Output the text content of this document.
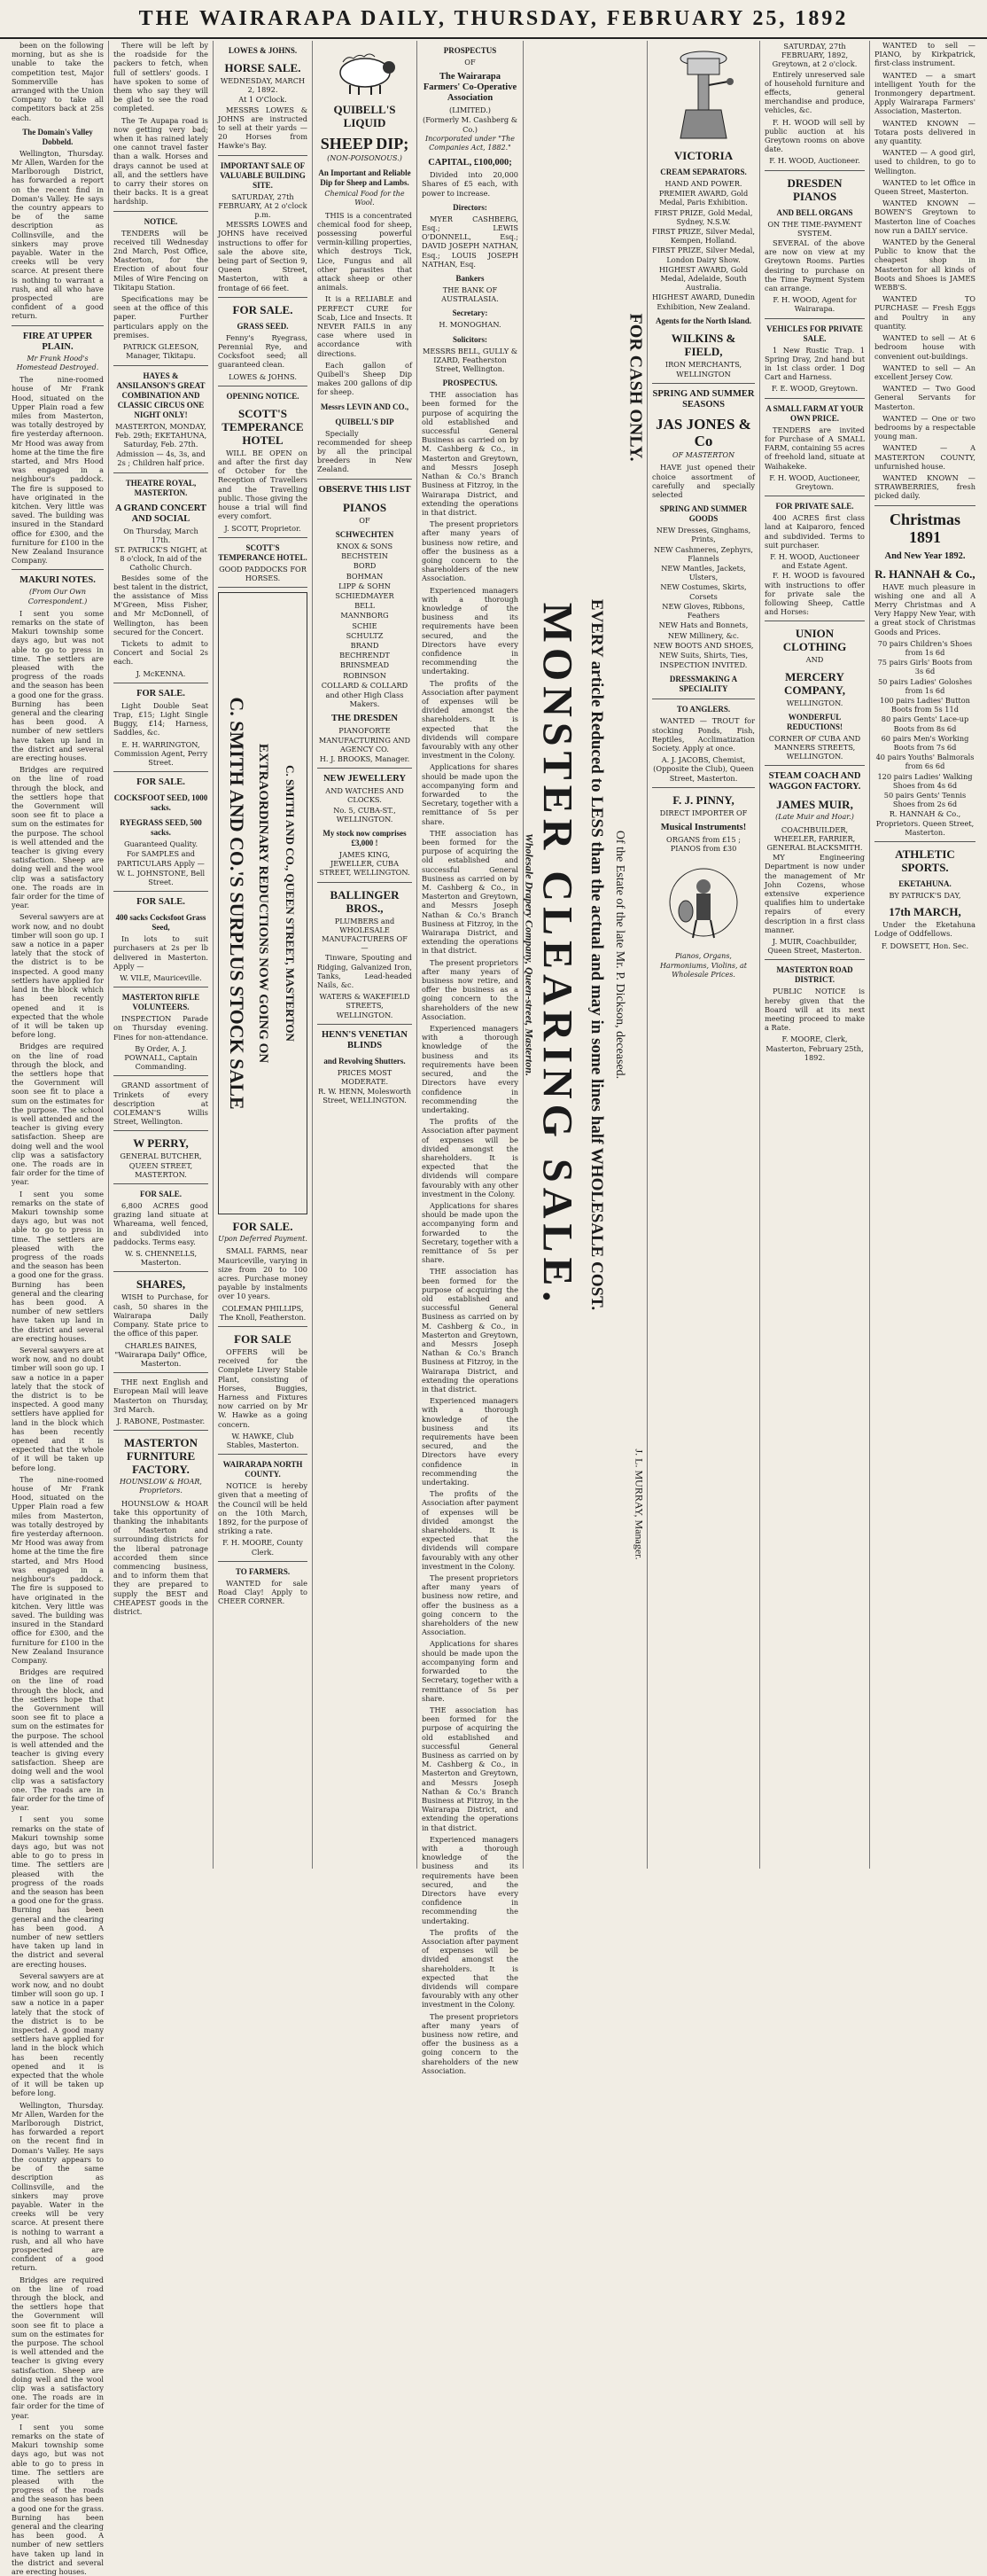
THE WAIRARAPA DAILY, THURSDAY, FEBRUARY 25, 1892

been on the following morning, but as she is unable to take the competition test, Major Sommerville has arranged with the Union Company to take all competitors back at 25s each.

The Domain's Valley Dobbeld.

Wellington, Thursday. Mr Allen, Warden for the Marlborough District, has forwarded a report on the recent find in Doman's Valley. He says the country appears to be of the same description as Collinsville, and the sinkers may prove payable. Water in the creeks will be very scarce. At present there is nothing to warrant a rush, and all who have prospected are confident of a good return.

FIRE AT UPPER PLAIN.
Mr Frank Hood's Homestead Destroyed.

The nine-roomed house of Mr Frank Hood, situated on the Upper Plain road a few miles from Masterton, was totally destroyed by fire yesterday afternoon. Mr Hood was away from home at the time the fire started, and Mrs Hood was engaged in a neighbour's paddock. The fire is supposed to have originated in the kitchen. Very little was saved. The building was insured in the Standard office for £300, and the furniture for £100 in the New Zealand Insurance Company.

MAKURI NOTES.
(From Our Own Correspondent.)

I sent you some remarks on the state of Makuri township some days ago, but was not able to go to press in time. The settlers are pleased with the progress of the roads and the season has been a good one for the grass. Burning has been general and the clearing has been good. A number of new settlers have taken up land in the district and several are erecting houses.

Bridges are required on the line of road through the block, and the settlers hope that the Government will soon see fit to place a sum on the estimates for the purpose. The school is well attended and the teacher is giving every satisfaction. Sheep are doing well and the wool clip was a satisfactory one. The roads are in fair order for the time of year.

Several sawyers are at work now, and no doubt timber will soon go up. I saw a notice in a paper lately that the stock of the district is to be inspected. A good many settlers have applied for land in the block which has been recently opened and it is expected that the whole of it will be taken up before long.

Bridges are required on the line of road through the block, and the settlers hope that the Government will soon see fit to place a sum on the estimates for the purpose. The school is well attended and the teacher is giving every satisfaction. Sheep are doing well and the wool clip was a satisfactory one. The roads are in fair order for the time of year.

I sent you some remarks on the state of Makuri township some days ago, but was not able to go to press in time. The settlers are pleased with the progress of the roads and the season has been a good one for the grass. Burning has been general and the clearing has been good. A number of new settlers have taken up land in the district and several are erecting houses.

Several sawyers are at work now, and no doubt timber will soon go up. I saw a notice in a paper lately that the stock of the district is to be inspected. A good many settlers have applied for land in the block which has been recently opened and it is expected that the whole of it will be taken up before long.

The nine-roomed house of Mr Frank Hood, situated on the Upper Plain road a few miles from Masterton, was totally destroyed by fire yesterday afternoon. Mr Hood was away from home at the time the fire started, and Mrs Hood was engaged in a neighbour's paddock. The fire is supposed to have originated in the kitchen. Very little was saved. The building was insured in the Standard office for £300, and the furniture for £100 in the New Zealand Insurance Company.

Bridges are required on the line of road through the block, and the settlers hope that the Government will soon see fit to place a sum on the estimates for the purpose. The school is well attended and the teacher is giving every satisfaction. Sheep are doing well and the wool clip was a satisfactory one. The roads are in fair order for the time of year.

I sent you some remarks on the state of Makuri township some days ago, but was not able to go to press in time. The settlers are pleased with the progress of the roads and the season has been a good one for the grass. Burning has been general and the clearing has been good. A number of new settlers have taken up land in the district and several are erecting houses.

Several sawyers are at work now, and no doubt timber will soon go up. I saw a notice in a paper lately that the stock of the district is to be inspected. A good many settlers have applied for land in the block which has been recently opened and it is expected that the whole of it will be taken up before long.

Wellington, Thursday. Mr Allen, Warden for the Marlborough District, has forwarded a report on the recent find in Doman's Valley. He says the country appears to be of the same description as Collinsville, and the sinkers may prove payable. Water in the creeks will be very scarce. At present there is nothing to warrant a rush, and all who have prospected are confident of a good return.

Bridges are required on the line of road through the block, and the settlers hope that the Government will soon see fit to place a sum on the estimates for the purpose. The school is well attended and the teacher is giving every satisfaction. Sheep are doing well and the wool clip was a satisfactory one. The roads are in fair order for the time of year.

I sent you some remarks on the state of Makuri township some days ago, but was not able to go to press in time. The settlers are pleased with the progress of the roads and the season has been a good one for the grass. Burning has been general and the clearing has been good. A number of new settlers have taken up land in the district and several are erecting houses.

There will be left by the roadside for the packers to fetch, when full of settlers' goods. I have spoken to some of them who say they will be glad to see the road completed.

The Te Aupapa road is now getting very bad; when it has rained lately one cannot travel faster than a walk. Horses and drays cannot be used at all, and the settlers have to carry their stores on their backs. It is a great hardship.

NOTICE.

TENDERS will be received till Wednesday 2nd March, Post Office, Masterton, for the Erection of about four Miles of Wire Fencing on Tikitapu Station.

Specifications may be seen at the office of this paper. Further particulars apply on the premises.

PATRICK GLEESON, Manager, Tikitapu.
HAYES & ANSILANSON'S GREAT COMBINATION AND CLASSIC CIRCUS ONE NIGHT ONLY!
MASTERTON, MONDAY, Feb. 29th; EKETAHUNA, Saturday, Feb. 27th.
Admission — 4s, 3s, and 2s ; Children half price.
THEATRE ROYAL, MASTERTON.
A GRAND CONCERT AND SOCIAL
On Thursday, March 17th.
ST. PATRICK'S NIGHT, at 8 o'clock, In aid of the Catholic Church.

Besides some of the best talent in the district, the assistance of Miss M'Green, Miss Fisher, and Mr McDonnell, of Wellington, has been secured for the Concert.

Tickets to admit to Concert and Social 2s each.

J. McKENNA.
FOR SALE.

Light Double Seat Trap, £15; Light Single Buggy, £14; Harness, Saddles, &c.

E. H. WARRINGTON, Commission Agent, Perry Street.
FOR SALE.
COCKSFOOT SEED, 1000 sacks.
RYEGRASS SEED, 500 sacks.
Guaranteed Quality.
For SAMPLES and PARTICULARS Apply —
W. L. JOHNSTONE, Bell Street.
FOR SALE.
400 sacks Cocksfoot Grass Seed,

In lots to suit purchasers at 2s per lb delivered in Masterton. Apply —

W. VILE, Mauriceville.
MASTERTON RIFLE VOLUNTEERS.

INSPECTION Parade on Thursday evening. Fines for non-attendance.

By Order, A. J. POWNALL, Captain Commanding.

GRAND assortment of Trinkets of every description at COLEMAN'S Willis Street, Wellington.

W PERRY,
GENERAL BUTCHER, QUEEN STREET, MASTERTON.
FOR SALE.

6,800 ACRES good grazing land situate at Whareama, well fenced, and subdivided into paddocks. Terms easy.

W. S. CHENNELLS, Masterton.
SHARES,

WISH to Purchase, for cash, 50 shares in the Wairarapa Daily Company. State price to the office of this paper.

CHARLES BAINES, "Wairarapa Daily" Office, Masterton.

THE next English and European Mail will leave Masterton on Thursday, 3rd March.

J. RABONE, Postmaster.
MASTERTON FURNITURE FACTORY.
HOUNSLOW & HOAR, Proprietors.

HOUNSLOW & HOAR take this opportunity of thanking the inhabitants of Masterton and surrounding districts for the liberal patronage accorded them since commencing business, and to inform them that they are prepared to supply the BEST and CHEAPEST goods in the district.

LOWES & JOHNS.
HORSE SALE.
WEDNESDAY, MARCH 2, 1892.
At 1 O'Clock.

MESSRS LOWES & JOHNS are instructed to sell at their yards — 20 Horses from Hawke's Bay.

IMPORTANT SALE OF VALUABLE BUILDING SITE.
SATURDAY, 27th FEBRUARY, At 2 o'clock p.m.

MESSRS LOWES and JOHNS have received instructions to offer for sale the above site, being part of Section 9, Queen Street, Masterton, with a frontage of 66 feet.

FOR SALE.
GRASS SEED.

Fenny's Ryegrass, Perennial Rye, and Cocksfoot seed; all guaranteed clean.

LOWES & JOHNS.
OPENING NOTICE.
SCOTT'S TEMPERANCE HOTEL

WILL BE OPEN on and after the first day of October for the Reception of Travellers and the Travelling public. Those giving the house a trial will find every comfort.

J. SCOTT, Proprietor.
SCOTT'S TEMPERANCE HOTEL.
GOOD PADDOCKS FOR HORSES.
C. SMITH AND CO.'S SURPLUS STOCK SALE EXTRAORDINARY REDUCTIONS NOW GOING ON C. SMITH AND CO., QUEEN STREET, MASTERTON
FOR SALE.
Upon Deferred Payment.

SMALL FARMS, near Mauriceville, varying in size from 20 to 100 acres. Purchase money payable by instalments over 10 years.

COLEMAN PHILLIPS, The Knoll, Featherston.
FOR SALE

OFFERS will be received for the Complete Livery Stable Plant, consisting of Horses, Buggies, Harness and Fixtures now carried on by Mr W. Hawke as a going concern.

W. HAWKE, Club Stables, Masterton.
WAIRARAPA NORTH COUNTY.

NOTICE is hereby given that a meeting of the Council will be held on the 10th March, 1892, for the purpose of striking a rate.

F. H. MOORE, County Clerk.
TO FARMERS.

WANTED for sale Road Clay! Apply to CHEER CORNER.

QUIBELL'S LIQUID
SHEEP DIP;
(NON-POISONOUS.)
An Important and Reliable Dip for Sheep and Lambs.
Chemical Food for the Wool.

THIS is a concentrated chemical food for sheep, possessing powerful vermin-killing properties, which destroys Tick, Lice, Fungus and all other parasites that attack sheep or other animals.

It is a RELIABLE and PERFECT CURE for Scab, Lice and Insects. It NEVER FAILS in any case where used in accordance with directions.

Each gallon of Quibell's Sheep Dip makes 200 gallons of dip for sheep.

Messrs LEVIN AND CO.,
QUIBELL'S DIP

Specially recommended for sheep by all the principal breeders in New Zealand.

OBSERVE THIS LIST
PIANOS
OF
SCHWECHTEN
KNOX & SONS
BECHSTEIN
BORD
BOHMAN
LIPP & SOHN
SCHIEDMAYER
BELL
MANNBORG
SCHIE
SCHULTZ
BRAND
BECHRENDT
BRINSMEAD
ROBINSON
COLLARD & COLLARD
and other High Class Makers.
THE DRESDEN
PIANOFORTE MANUFACTURING AND AGENCY CO.
H. J. BROOKS, Manager.
NEW JEWELLERY
AND WATCHES AND CLOCKS.
No. 5, CUBA-ST., WELLINGTON.
My stock now comprises £3,000 !
JAMES KING, JEWELLER, CUBA STREET, WELLINGTON.
BALLINGER BROS.,
PLUMBERS and WHOLESALE MANUFACTURERS OF —

Tinware, Spouting and Ridging, Galvanized Iron, Tanks, Lead-headed Nails, &c.

WATERS & WAKEFIELD STREETS, WELLINGTON.
HENN'S VENETIAN BLINDS
and Revolving Shutters.
PRICES MOST MODERATE.
R. W. HENN, Molesworth Street, WELLINGTON.
PROSPECTUS
OF
The Wairarapa Farmers' Co-Operative Association
(LIMITED.)
(Formerly M. Cashberg & Co.)
Incorporated under "The Companies Act, 1882."
CAPITAL, £100,000;

Divided into 20,000 Shares of £5 each, with power to increase.

Directors:

MYER CASHBERG, Esq.; LEWIS O'DONNELL, Esq.; DAVID JOSEPH NATHAN, Esq.; LOUIS JOSEPH NATHAN, Esq.

Bankers
THE BANK OF AUSTRALASIA.
Secretary:
H. MONOGHAN.
Solicitors:
MESSRS BELL, GULLY & IZARD, Featherston Street, Wellington.
PROSPECTUS.

THE association has been formed for the purpose of acquiring the old established and successful General Business as carried on by M. Cashberg & Co., in Masterton and Greytown, and Messrs Joseph Nathan & Co.'s Branch Business at Fitzroy, in the Wairarapa District, and extending the operations in that district.

The present proprietors after many years of business now retire, and offer the business as a going concern to the shareholders of the new Association.

Experienced managers with a thorough knowledge of the business and its requirements have been secured, and the Directors have every confidence in recommending the undertaking.

The profits of the Association after payment of expenses will be divided amongst the shareholders. It is expected that the dividends will compare favourably with any other investment in the Colony.

Applications for shares should be made upon the accompanying form and forwarded to the Secretary, together with a remittance of 5s per share.

THE association has been formed for the purpose of acquiring the old established and successful General Business as carried on by M. Cashberg & Co., in Masterton and Greytown, and Messrs Joseph Nathan & Co.'s Branch Business at Fitzroy, in the Wairarapa District, and extending the operations in that district.

The present proprietors after many years of business now retire, and offer the business as a going concern to the shareholders of the new Association.

Experienced managers with a thorough knowledge of the business and its requirements have been secured, and the Directors have every confidence in recommending the undertaking.

The profits of the Association after payment of expenses will be divided amongst the shareholders. It is expected that the dividends will compare favourably with any other investment in the Colony.

Applications for shares should be made upon the accompanying form and forwarded to the Secretary, together with a remittance of 5s per share.

THE association has been formed for the purpose of acquiring the old established and successful General Business as carried on by M. Cashberg & Co., in Masterton and Greytown, and Messrs Joseph Nathan & Co.'s Branch Business at Fitzroy, in the Wairarapa District, and extending the operations in that district.

Experienced managers with a thorough knowledge of the business and its requirements have been secured, and the Directors have every confidence in recommending the undertaking.

The profits of the Association after payment of expenses will be divided amongst the shareholders. It is expected that the dividends will compare favourably with any other investment in the Colony.

The present proprietors after many years of business now retire, and offer the business as a going concern to the shareholders of the new Association.

Applications for shares should be made upon the accompanying form and forwarded to the Secretary, together with a remittance of 5s per share.

THE association has been formed for the purpose of acquiring the old established and successful General Business as carried on by M. Cashberg & Co., in Masterton and Greytown, and Messrs Joseph Nathan & Co.'s Branch Business at Fitzroy, in the Wairarapa District, and extending the operations in that district.

Experienced managers with a thorough knowledge of the business and its requirements have been secured, and the Directors have every confidence in recommending the undertaking.

The profits of the Association after payment of expenses will be divided amongst the shareholders. It is expected that the dividends will compare favourably with any other investment in the Colony.

The present proprietors after many years of business now retire, and offer the business as a going concern to the shareholders of the new Association.

MONSTER CLEARING SALE. EVERY article Reduced to LESS than the actual and may in some lines half WHOLESALE COST. Of the Estate of the late Mr. P. Dickson, deceased.
FOR CASH ONLY.
Wholesale Drapery Company, Queen-street, Masterton.
J. L. MURRAY, Manager.
VICTORIA
CREAM SEPARATORS.
HAND AND POWER.
PREMIER AWARD, Gold Medal, Paris Exhibition.
FIRST PRIZE, Gold Medal, Sydney, N.S.W.
FIRST PRIZE, Silver Medal, Kempen, Holland.
FIRST PRIZE, Silver Medal, London Dairy Show.
HIGHEST AWARD, Gold Medal, Adelaide, South Australia.
HIGHEST AWARD, Dunedin Exhibition, New Zealand.
Agents for the North Island.
WILKINS & FIELD,
IRON MERCHANTS,
WELLINGTON
SPRING AND SUMMER SEASONS
JAS JONES & Co
OF MASTERTON

HAVE just opened their choice assortment of carefully and specially selected

SPRING AND SUMMER GOODS
NEW Dresses, Ginghams, Prints,
NEW Cashmeres, Zephyrs, Flannels
NEW Mantles, Jackets, Ulsters,
NEW Costumes, Skirts, Corsets
NEW Gloves, Ribbons, Feathers
NEW Hats and Bonnets,
NEW Millinery, &c.
NEW BOOTS AND SHOES,
NEW Suits, Shirts, Ties,
INSPECTION INVITED.
DRESSMAKING A SPECIALITY
TO ANGLERS.

WANTED — TROUT for stocking Ponds, Fish, Reptiles, Acclimatization Society. Apply at once.

A. J. JACOBS, Chemist, (Opposite the Club), Queen Street, Masterton.
F. J. PINNY,
DIRECT IMPORTER OF
Musical Instruments!
ORGANS from £15 ; PIANOS from £30
Pianos, Organs, Harmoniums, Violins, at Wholesale Prices.
SATURDAY, 27th FEBRUARY, 1892, Greytown, at 2 o'clock.

Entirely unreserved sale of household furniture and effects, general merchandise and produce, vehicles, &c.

F. H. WOOD will sell by public auction at his Greytown rooms on above date.

F. H. WOOD, Auctioneer.
DRESDEN PIANOS
AND BELL ORGANS
ON THE TIME-PAYMENT SYSTEM.

SEVERAL of the above are now on view at my Greytown Rooms. Parties desiring to purchase on the Time Payment System can arrange.

F. H. WOOD, Agent for Wairarapa.
VEHICLES FOR PRIVATE SALE.

1 New Rustic Trap. 1 Spring Dray, 2nd hand but in 1st class order. 1 Dog Cart and Harness.

F. E. WOOD, Greytown.
A SMALL FARM AT YOUR OWN PRICE.

TENDERS are invited for Purchase of A SMALL FARM, containing 55 acres of freehold land, situate at Waihakeke.

F. H. WOOD, Auctioneer, Greytown.
FOR PRIVATE SALE.

400 ACRES first class land at Kaiparoro, fenced and subdivided. Terms to suit purchaser.

F. H. WOOD, Auctioneer and Estate Agent.

F. H. WOOD is favoured with instructions to offer for private sale the following Sheep, Cattle and Horses:

UNION CLOTHING
AND
MERCERY COMPANY,
WELLINGTON.
WONDERFUL REDUCTIONS!
CORNER OF CUBA AND MANNERS STREETS, WELLINGTON.
STEAM COACH AND WAGGON FACTORY.
JAMES MUIR,
(Late Muir and Hoar.)
COACHBUILDER, WHEELER, FARRIER, GENERAL BLACKSMITH.

MY Engineering Department is now under the management of Mr John Cozens, whose extensive experience qualifies him to undertake repairs of every description in a first class manner.

J. MUIR, Coachbuilder, Queen Street, Masterton.
MASTERTON ROAD DISTRICT.

PUBLIC NOTICE is hereby given that the Board will at its next meeting proceed to make a Rate.

F. MOORE, Clerk, Masterton, February 25th, 1892.

WANTED to sell — PIANO, by Kirkpatrick, first-class instrument.

WANTED — a smart intelligent Youth for the Ironmongery department. Apply Wairarapa Farmers' Association, Masterton.

WANTED KNOWN — Totara posts delivered in any quantity.

WANTED — A good girl, used to children, to go to Wellington.

WANTED to let Office in Queen Street, Masterton.

WANTED KNOWN — BOWEN'S Greytown to Masterton line of Coaches now run a DAILY service.

WANTED by the General Public to know that the cheapest shop in Masterton for all kinds of Boots and Shoes is JAMES WEBB'S.

WANTED TO PURCHASE — Fresh Eggs and Poultry in any quantity.

WANTED to sell — At 6 bedroom house with convenient out-buildings.

WANTED to sell — An excellent Jersey Cow.

WANTED — Two Good General Servants for Masterton.

WANTED — One or two bedrooms by a respectable young man.

WANTED — A MASTERTON COUNTY, unfurnished house.

WANTED KNOWN — STRAWBERRIES, fresh picked daily.

Christmas 1891
And New Year 1892.
R. HANNAH & Co.,

HAVE much pleasure in wishing one and all A Merry Christmas and A Very Happy New Year, with a great stock of Christmas Goods and Prices.

70 pairs Children's Shoes from 1s 6d
75 pairs Girls' Boots from 3s 6d
50 pairs Ladies' Goloshes from 1s 6d
100 pairs Ladies' Button Boots from 5s 11d
80 pairs Gents' Lace-up Boots from 8s 6d
60 pairs Men's Working Boots from 7s 6d
40 pairs Youths' Balmorals from 6s 6d
120 pairs Ladies' Walking Shoes from 4s 6d
50 pairs Gents' Tennis Shoes from 2s 6d
R. HANNAH & Co., Proprietors. Queen Street, Masterton.
ATHLETIC SPORTS.
EKETAHUNA.
BY PATRICK'S DAY,
17th MARCH,

Under the Eketahuna Lodge of Oddfellows.

F. DOWSETT, Hon. Sec.
